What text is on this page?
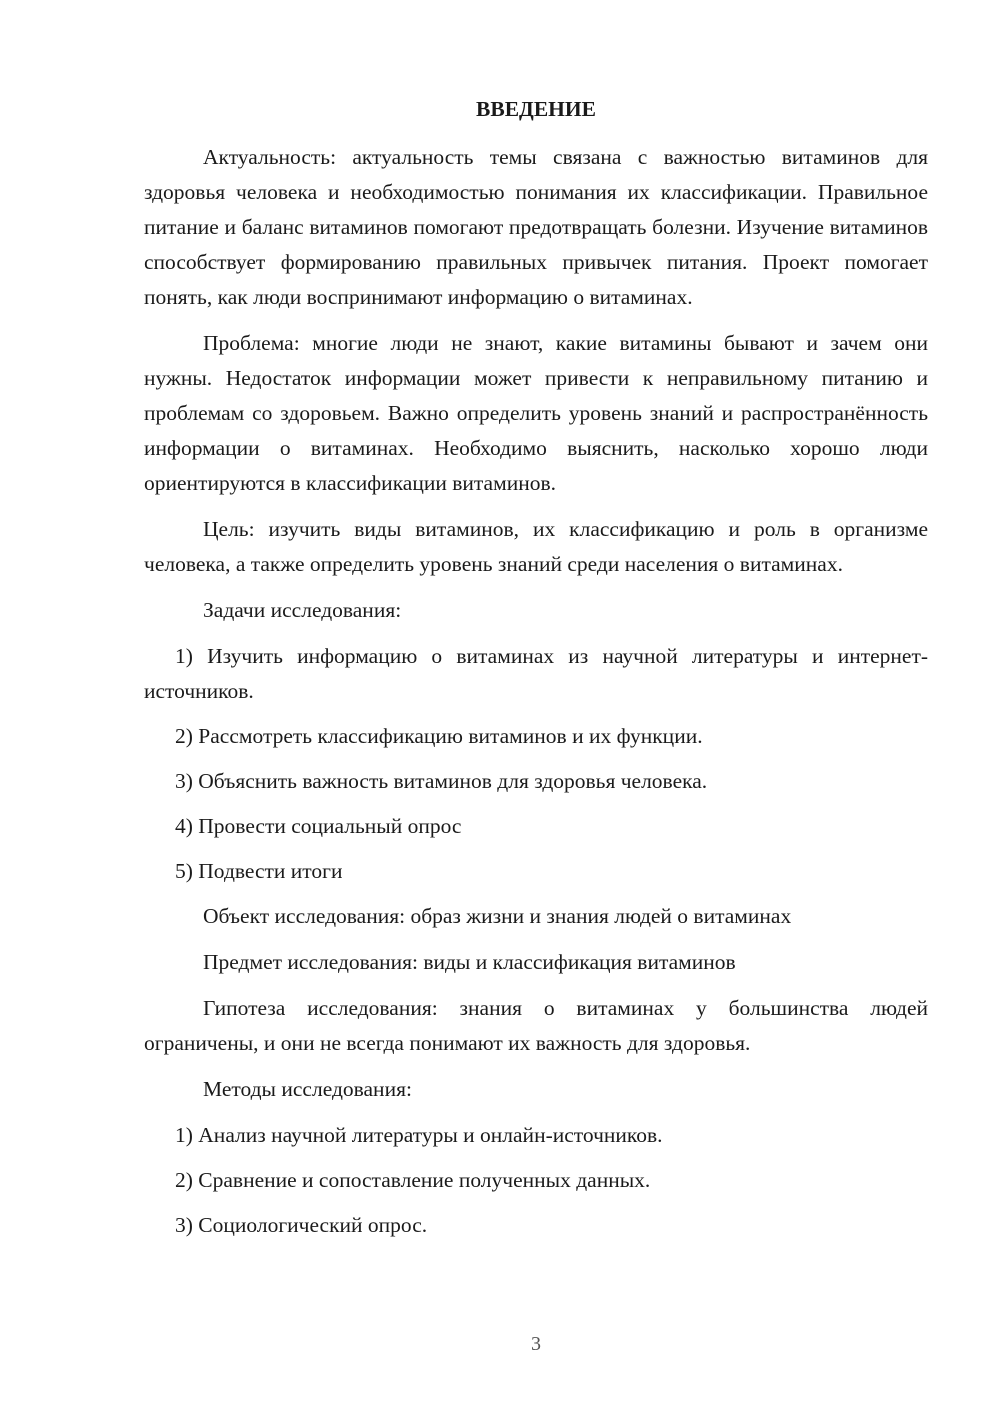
ВВЕДЕНИЕ

Актуальность: актуальность темы связана с важностью витаминов для здоровья человека и необходимостью понимания их классификации. Правильное питание и баланс витаминов помогают предотвращать болезни. Изучение витаминов способствует формированию правильных привычек питания. Проект помогает понять, как люди воспринимают информацию о витаминах.

Проблема: многие люди не знают, какие витамины бывают и зачем они нужны. Недостаток информации может привести к неправильному питанию и проблемам со здоровьем. Важно определить уровень знаний и распространённость информации о витаминах. Необходимо выяснить, насколько хорошо люди ориентируются в классификации витаминов.

Цель: изучить виды витаминов, их классификацию и роль в организме человека, а также определить уровень знаний среди населения о витаминах.

Задачи исследования:

1) Изучить информацию о витаминах из научной литературы и интернет-источников.

2) Рассмотреть классификацию витаминов и их функции.

3) Объяснить важность витаминов для здоровья человека.

4) Провести социальный опрос

5) Подвести итоги

Объект исследования: образ жизни и знания людей о витаминах

Предмет исследования: виды и классификация витаминов

Гипотеза исследования: знания о витаминах у большинства людей ограничены, и они не всегда понимают их важность для здоровья.

Методы исследования:

1) Анализ научной литературы и онлайн-источников.

2) Сравнение и сопоставление полученных данных.

3) Социологический опрос.

3
